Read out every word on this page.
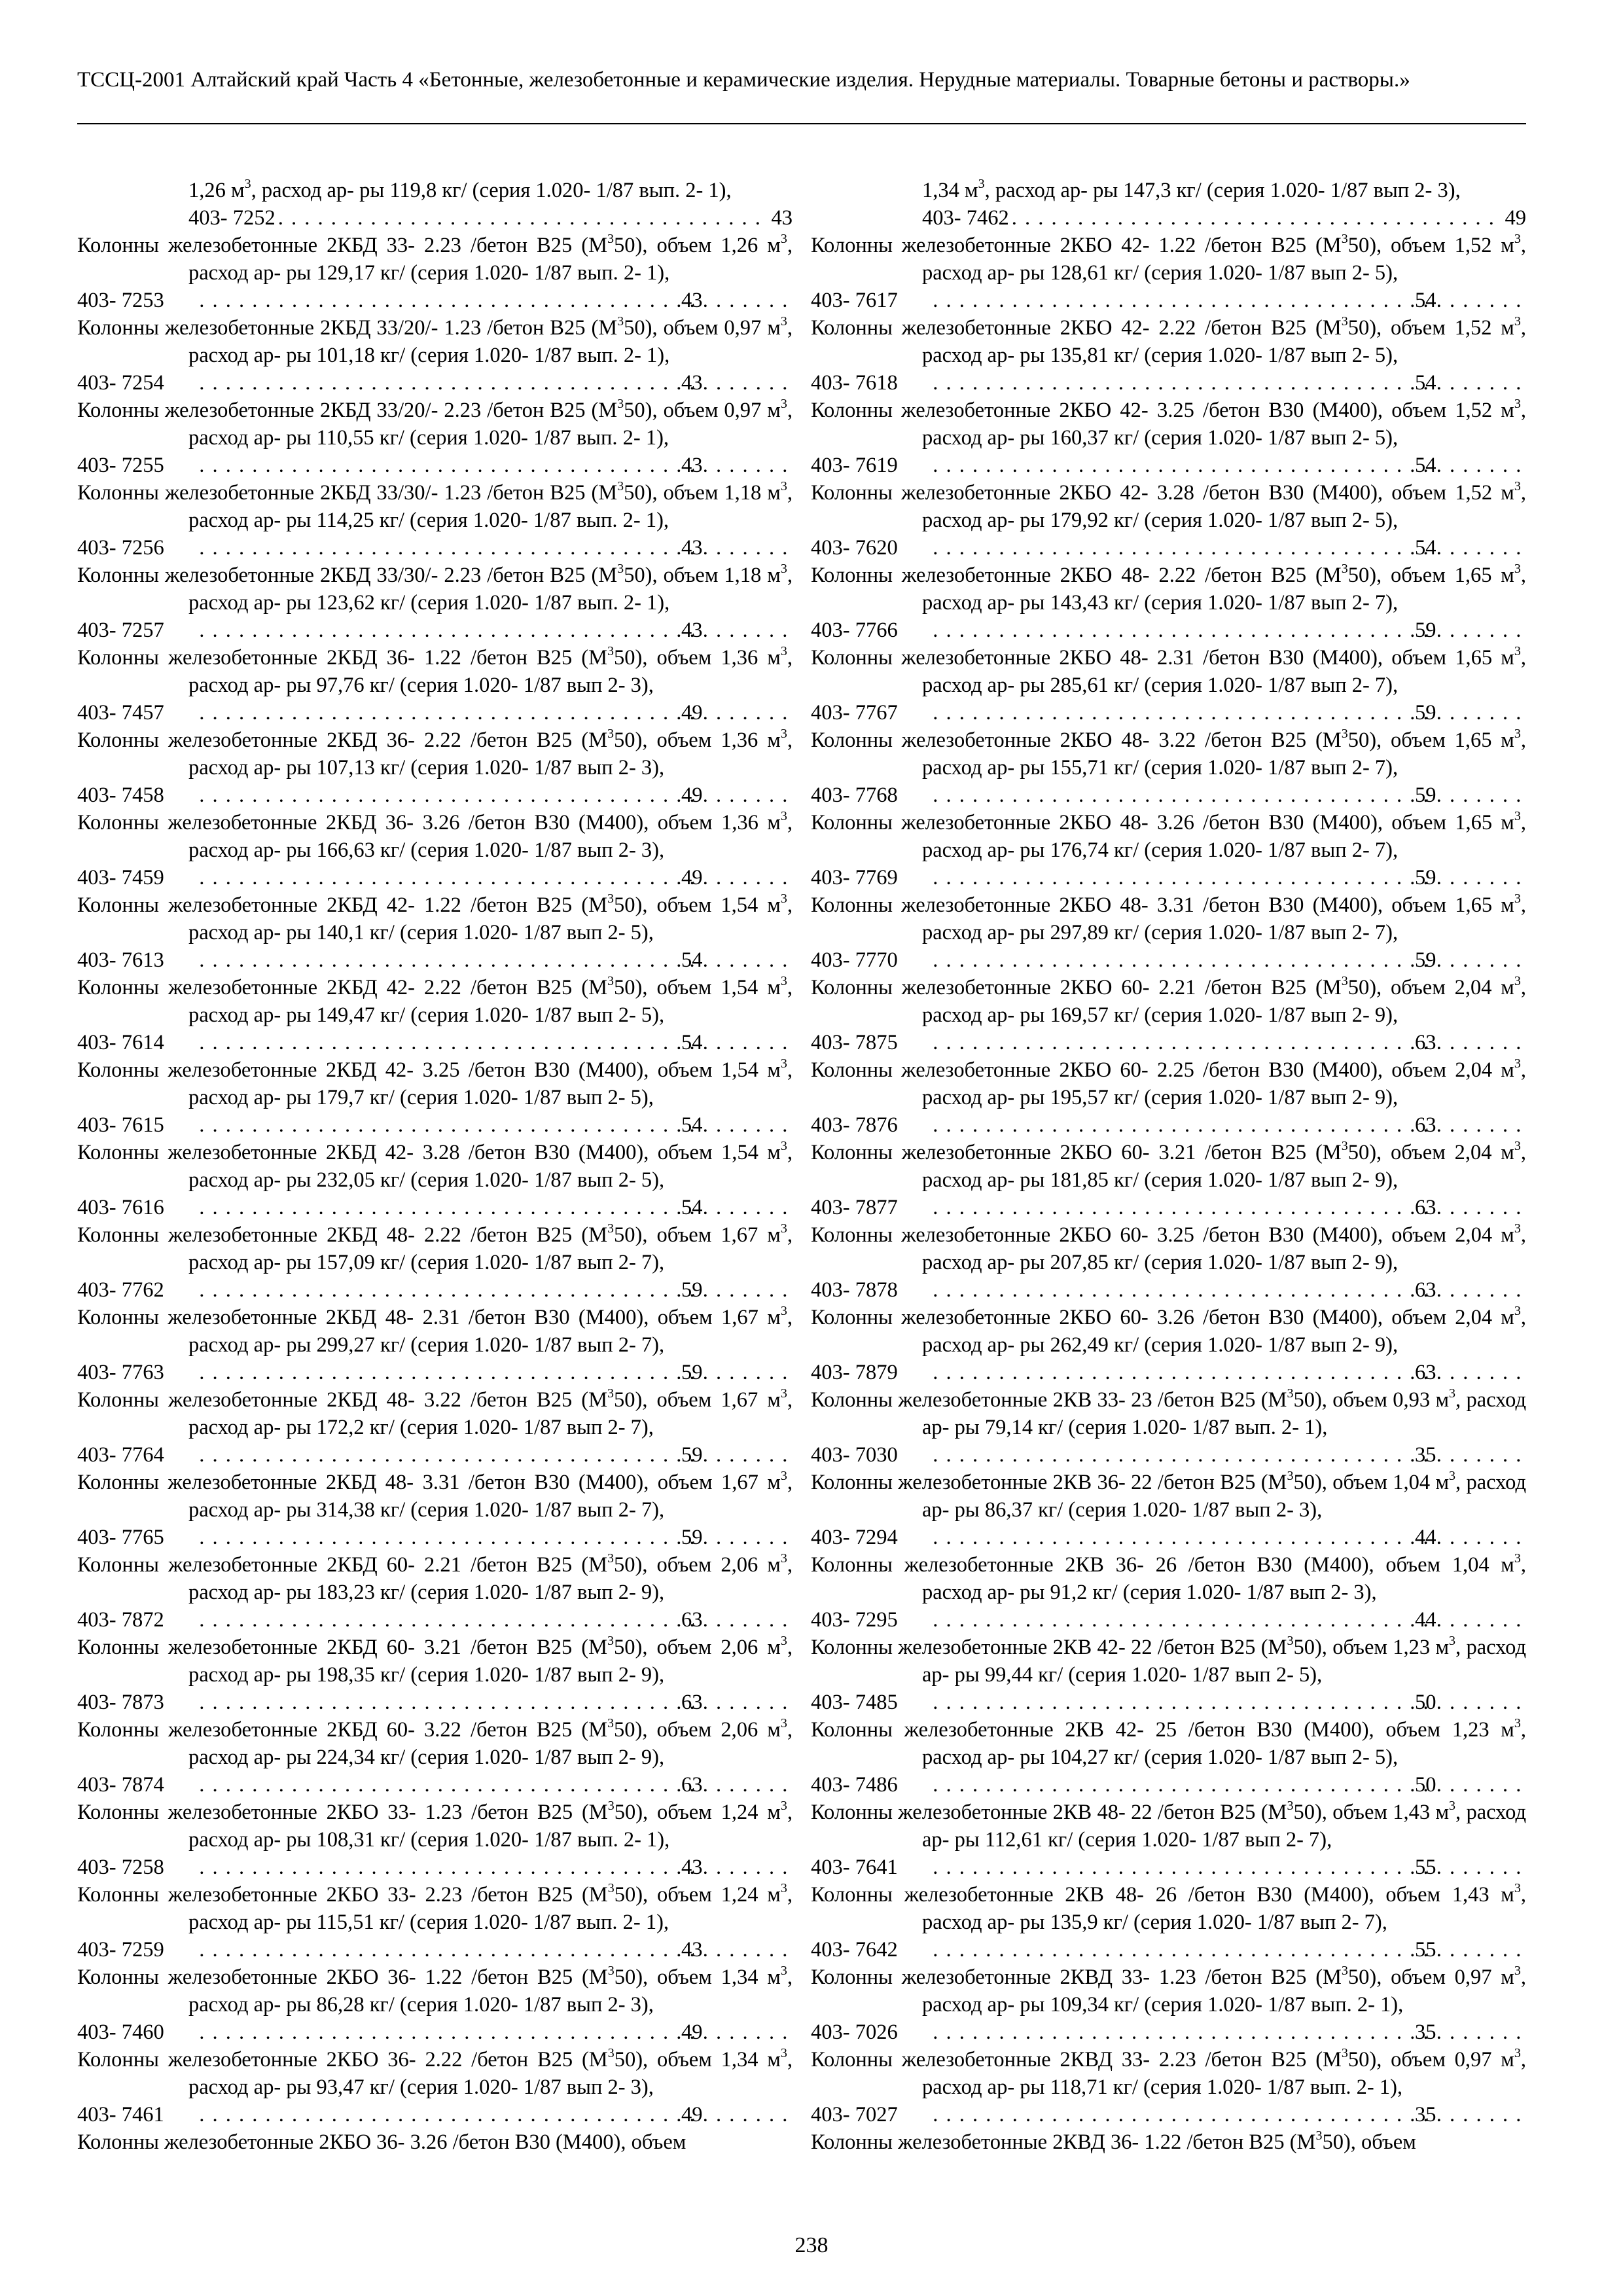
ТССЦ-2001 Алтайский край Часть 4 «Бетонные, железобетонные и керамические изделия. Нерудные материалы. Товарные бетоны и растворы.»

1,26 $м^3$, расход ар- ры 119,8 кг/ (серия 1.020- 1/87 вып. 2- 1),
403- 7252 . . .	43

Колонны железобетонные 2КБД 33- 2.23 /бетон В25 $(М^350)$, объем 1,26 $м^3$, расход ар- ры 129,17 кг/ (серия 1.020- 1/87 вып. 2- 1),
403- 7253 . . .	43

Колонны железобетонные 2КБД 33/20/- 1.23 /бетон В25 $(М^350)$, объем 0,97 $м^3$, расход ар- ры 101,18 кг/ (серия 1.020- 1/87 вып. 2- 1),
403- 7254 . . .	43

Колонны железобетонные 2КБД 33/20/- 2.23 /бетон В25 $(М^350)$, объем 0,97 $м^3$, расход ар- ры 110,55 кг/ (серия 1.020- 1/87 вып. 2- 1),
403- 7255 . . .	43

Колонны железобетонные 2КБД 33/30/- 1.23 /бетон В25 $(М^350)$, объем 1,18 $м^3$, расход ар- ры 114,25 кг/ (серия 1.020- 1/87 вып. 2- 1),
403- 7256 . . .	43

Колонны железобетонные 2КБД 33/30/- 2.23 /бетон В25 $(М^350)$, объем 1,18 $м^3$, расход ар- ры 123,62 кг/ (серия 1.020- 1/87 вып. 2- 1),
403- 7257 . . .	43

Колонны железобетонные 2КБД 36- 1.22 /бетон В25 $(М^350)$, объем 1,36 $м^3$, расход ар- ры 97,76 кг/ (серия 1.020- 1/87 вып 2- 3),
403- 7457 . . .	49

Колонны железобетонные 2КБД 36- 2.22 /бетон В25 $(М^350)$, объем 1,36 $м^3$, расход ар- ры 107,13 кг/ (серия 1.020- 1/87 вып 2- 3),
403- 7458 . . .	49

Колонны железобетонные 2КБД 36- 3.26 /бетон В30 (М400), объем 1,36 $м^3$, расход ар- ры 166,63 кг/ (серия 1.020- 1/87 вып 2- 3),
403- 7459 . . .	49

Колонны железобетонные 2КБД 42- 1.22 /бетон В25 $(М^350)$, объем 1,54 $м^3$, расход ар- ры 140,1 кг/ (серия 1.020- 1/87 вып 2- 5),
403- 7613 . . .	54

Колонны железобетонные 2КБД 42- 2.22 /бетон В25 $(М^350)$, объем 1,54 $м^3$, расход ар- ры 149,47 кг/ (серия 1.020- 1/87 вып 2- 5),
403- 7614 . . .	54

Колонны железобетонные 2КБД 42- 3.25 /бетон В30 (М400), объем 1,54 $м^3$, расход ар- ры 179,7 кг/ (серия 1.020- 1/87 вып 2- 5),
403- 7615 . . .	54

Колонны железобетонные 2КБД 42- 3.28 /бетон В30 (М400), объем 1,54 $м^3$, расход ар- ры 232,05 кг/ (серия 1.020- 1/87 вып 2- 5),
403- 7616 . . .	54

Колонны железобетонные 2КБД 48- 2.22 /бетон В25 $(М^350)$, объем 1,67 $м^3$, расход ар- ры 157,09 кг/ (серия 1.020- 1/87 вып 2- 7),
403- 7762 . . .	59

Колонны железобетонные 2КБД 48- 2.31 /бетон В30 (М400), объем 1,67 $м^3$, расход ар- ры 299,27 кг/ (серия 1.020- 1/87 вып 2- 7),
403- 7763 . . .	59

Колонны железобетонные 2КБД 48- 3.22 /бетон В25 $(М^350)$, объем 1,67 $м^3$, расход ар- ры 172,2 кг/ (серия 1.020- 1/87 вып 2- 7),
403- 7764 . . .	59

Колонны железобетонные 2КБД 48- 3.31 /бетон В30 (М400), объем 1,67 $м^3$, расход ар- ры 314,38 кг/ (серия 1.020- 1/87 вып 2- 7),
403- 7765 . . .	59

Колонны железобетонные 2КБД 60- 2.21 /бетон В25 $(М^350)$, объем 2,06 $м^3$, расход ар- ры 183,23 кг/ (серия 1.020- 1/87 вып 2- 9),
403- 7872 . . .	63

Колонны железобетонные 2КБД 60- 3.21 /бетон В25 $(М^350)$, объем 2,06 $м^3$, расход ар- ры 198,35 кг/ (серия 1.020- 1/87 вып 2- 9),
403- 7873 . . .	63

Колонны железобетонные 2КБД 60- 3.22 /бетон В25 $(М^350)$, объем 2,06 $м^3$, расход ар- ры 224,34 кг/ (серия 1.020- 1/87 вып 2- 9),
403- 7874 . . .	63

Колонны железобетонные 2КБО 33- 1.23 /бетон В25 $(М^350)$, объем 1,24 $м^3$, расход ар- ры 108,31 кг/ (серия 1.020- 1/87 вып. 2- 1),
403- 7258 . . .	43

Колонны железобетонные 2КБО 33- 2.23 /бетон В25 $(М^350)$, объем 1,24 $м^3$, расход ар- ры 115,51 кг/ (серия 1.020- 1/87 вып. 2- 1),
403- 7259 . . .	43

Колонны железобетонные 2КБО 36- 1.22 /бетон В25 $(М^350)$, объем 1,34 $м^3$, расход ар- ры 86,28 кг/ (серия 1.020- 1/87 вып 2- 3),
403- 7460 . . .	49

Колонны железобетонные 2КБО 36- 2.22 /бетон В25 $(М^350)$, объем 1,34 $м^3$, расход ар- ры 93,47 кг/ (серия 1.020- 1/87 вып 2- 3),
403- 7461 . . .	49

Колонны железобетонные 2КБО 36- 3.26 /бетон В30 (М400), объем

1,34 $м^3$, расход ар- ры 147,3 кг/ (серия 1.020- 1/87 вып 2- 3),
403- 7462 . . .	49

Колонны железобетонные 2КБО 42- 1.22 /бетон В25 $(М^350)$, объем 1,52 $м^3$, расход ар- ры 128,61 кг/ (серия 1.020- 1/87 вып 2- 5),
403- 7617 . . .	54

Колонны железобетонные 2КБО 42- 2.22 /бетон В25 $(М^350)$, объем 1,52 $м^3$, расход ар- ры 135,81 кг/ (серия 1.020- 1/87 вып 2- 5),
403- 7618 . . .	54

Колонны железобетонные 2КБО 42- 3.25 /бетон В30 (М400), объем 1,52 $м^3$, расход ар- ры 160,37 кг/ (серия 1.020- 1/87 вып 2- 5),
403- 7619 . . .	54

Колонны железобетонные 2КБО 42- 3.28 /бетон В30 (М400), объем 1,52 $м^3$, расход ар- ры 179,92 кг/ (серия 1.020- 1/87 вып 2- 5),
403- 7620 . . .	54

Колонны железобетонные 2КБО 48- 2.22 /бетон В25 $(М^350)$, объем 1,65 $м^3$, расход ар- ры 143,43 кг/ (серия 1.020- 1/87 вып 2- 7),
403- 7766 . . .	59

Колонны железобетонные 2КБО 48- 2.31 /бетон В30 (М400), объем 1,65 $м^3$, расход ар- ры 285,61 кг/ (серия 1.020- 1/87 вып 2- 7),
403- 7767 . . .	59

Колонны железобетонные 2КБО 48- 3.22 /бетон В25 $(М^350)$, объем 1,65 $м^3$, расход ар- ры 155,71 кг/ (серия 1.020- 1/87 вып 2- 7),
403- 7768 . . .	59

Колонны железобетонные 2КБО 48- 3.26 /бетон В30 (М400), объем 1,65 $м^3$, расход ар- ры 176,74 кг/ (серия 1.020- 1/87 вып 2- 7),
403- 7769 . . .	59

Колонны железобетонные 2КБО 48- 3.31 /бетон В30 (М400), объем 1,65 $м^3$, расход ар- ры 297,89 кг/ (серия 1.020- 1/87 вып 2- 7),
403- 7770 . . .	59

Колонны железобетонные 2КБО 60- 2.21 /бетон В25 $(М^350)$, объем 2,04 $м^3$, расход ар- ры 169,57 кг/ (серия 1.020- 1/87 вып 2- 9),
403- 7875 . . .	63

Колонны железобетонные 2КБО 60- 2.25 /бетон В30 (М400), объем 2,04 $м^3$, расход ар- ры 195,57 кг/ (серия 1.020- 1/87 вып 2- 9),
403- 7876 . . .	63

Колонны железобетонные 2КБО 60- 3.21 /бетон В25 $(М^350)$, объем 2,04 $м^3$, расход ар- ры 181,85 кг/ (серия 1.020- 1/87 вып 2- 9),
403- 7877 . . .	63

Колонны железобетонные 2КБО 60- 3.25 /бетон В30 (М400), объем 2,04 $м^3$, расход ар- ры 207,85 кг/ (серия 1.020- 1/87 вып 2- 9),
403- 7878 . . .	63

Колонны железобетонные 2КБО 60- 3.26 /бетон В30 (М400), объем 2,04 $м^3$, расход ар- ры 262,49 кг/ (серия 1.020- 1/87 вып 2- 9),
403- 7879 . . .	63

Колонны железобетонные 2КВ 33- 23 /бетон В25 $(М^350)$, объем 0,93 $м^3$, расход ар- ры 79,14 кг/ (серия 1.020- 1/87 вып. 2- 1),
403- 7030 . . .	35

Колонны железобетонные 2КВ 36- 22 /бетон В25 $(М^350)$, объем 1,04 $м^3$, расход ар- ры 86,37 кг/ (серия 1.020- 1/87 вып 2- 3),
403- 7294 . . .	44

Колонны железобетонные 2КВ 36- 26 /бетон В30 (М400), объем 1,04 $м^3$, расход ар- ры 91,2 кг/ (серия 1.020- 1/87 вып 2- 3),
403- 7295 . . .	44

Колонны железобетонные 2КВ 42- 22 /бетон В25 $(М^350)$, объем 1,23 $м^3$, расход ар- ры 99,44 кг/ (серия 1.020- 1/87 вып 2- 5),
403- 7485 . . .	50

Колонны железобетонные 2КВ 42- 25 /бетон В30 (М400), объем 1,23 $м^3$, расход ар- ры 104,27 кг/ (серия 1.020- 1/87 вып 2- 5),
403- 7486 . . .	50

Колонны железобетонные 2КВ 48- 22 /бетон В25 $(М^350)$, объем 1,43 $м^3$, расход ар- ры 112,61 кг/ (серия 1.020- 1/87 вып 2- 7),
403- 7641 . . .	55

Колонны железобетонные 2КВ 48- 26 /бетон В30 (М400), объем 1,43 $м^3$, расход ар- ры 135,9 кг/ (серия 1.020- 1/87 вып 2- 7),
403- 7642 . . .	55

Колонны железобетонные 2КВД 33- 1.23 /бетон В25 $(М^350)$, объем 0,97 $м^3$, расход ар- ры 109,34 кг/ (серия 1.020- 1/87 вып. 2- 1),
403- 7026 . . .	35

Колонны железобетонные 2КВД 33- 2.23 /бетон В25 $(М^350)$, объем 0,97 $м^3$, расход ар- ры 118,71 кг/ (серия 1.020- 1/87 вып. 2- 1),
403- 7027 . . .	35

Колонны железобетонные 2КВД 36- 1.22 /бетон В25 $(М^350)$, объем

238
